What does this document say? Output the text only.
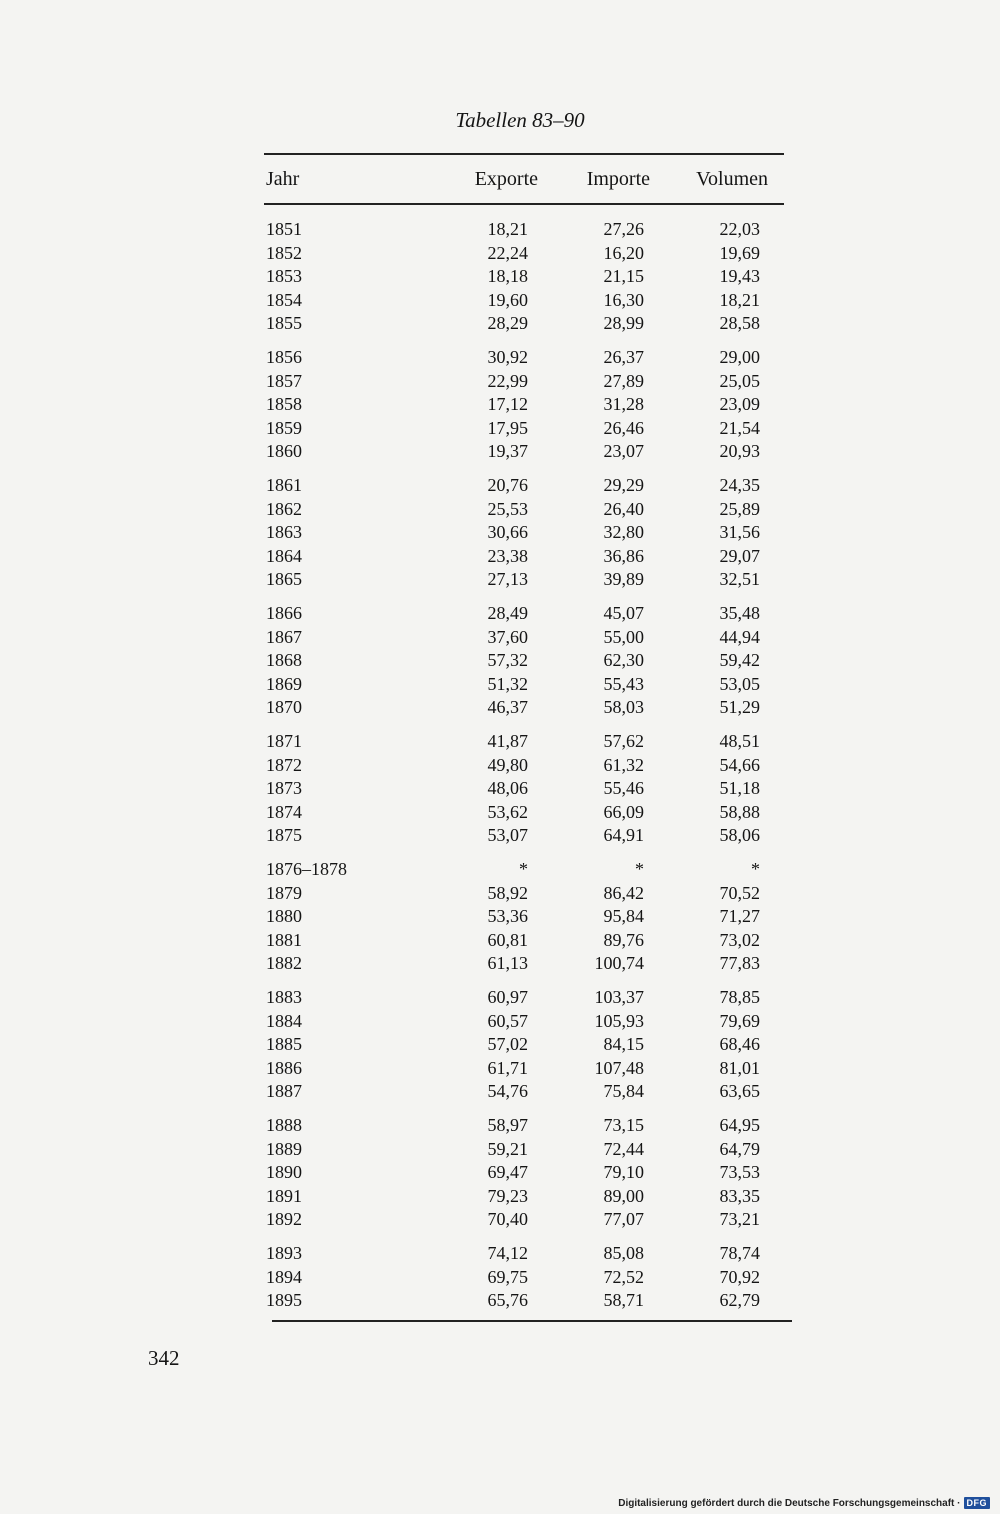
Tabellen 83–90
Jahr	Exporte	Importe	Volumen
1851	18,21	27,26	22,03
1852	22,24	16,20	19,69
1853	18,18	21,15	19,43
1854	19,60	16,30	18,21
1855	28,29	28,99	28,58
1856	30,92	26,37	29,00
1857	22,99	27,89	25,05
1858	17,12	31,28	23,09
1859	17,95	26,46	21,54
1860	19,37	23,07	20,93
1861	20,76	29,29	24,35
1862	25,53	26,40	25,89
1863	30,66	32,80	31,56
1864	23,38	36,86	29,07
1865	27,13	39,89	32,51
1866	28,49	45,07	35,48
1867	37,60	55,00	44,94
1868	57,32	62,30	59,42
1869	51,32	55,43	53,05
1870	46,37	58,03	51,29
1871	41,87	57,62	48,51
1872	49,80	61,32	54,66
1873	48,06	55,46	51,18
1874	53,62	66,09	58,88
1875	53,07	64,91	58,06
1876–1878	*	*	*
1879	58,92	86,42	70,52
1880	53,36	95,84	71,27
1881	60,81	89,76	73,02
1882	61,13	100,74	77,83
1883	60,97	103,37	78,85
1884	60,57	105,93	79,69
1885	57,02	84,15	68,46
1886	61,71	107,48	81,01
1887	54,76	75,84	63,65
1888	58,97	73,15	64,95
1889	59,21	72,44	64,79
1890	69,47	79,10	73,53
1891	79,23	89,00	83,35
1892	70,40	77,07	73,21
1893	74,12	85,08	78,74
1894	69,75	72,52	70,92
1895	65,76	58,71	62,79
342
Digitalisierung gefördert durch die Deutsche Forschungsgemeinschaft · DFG
